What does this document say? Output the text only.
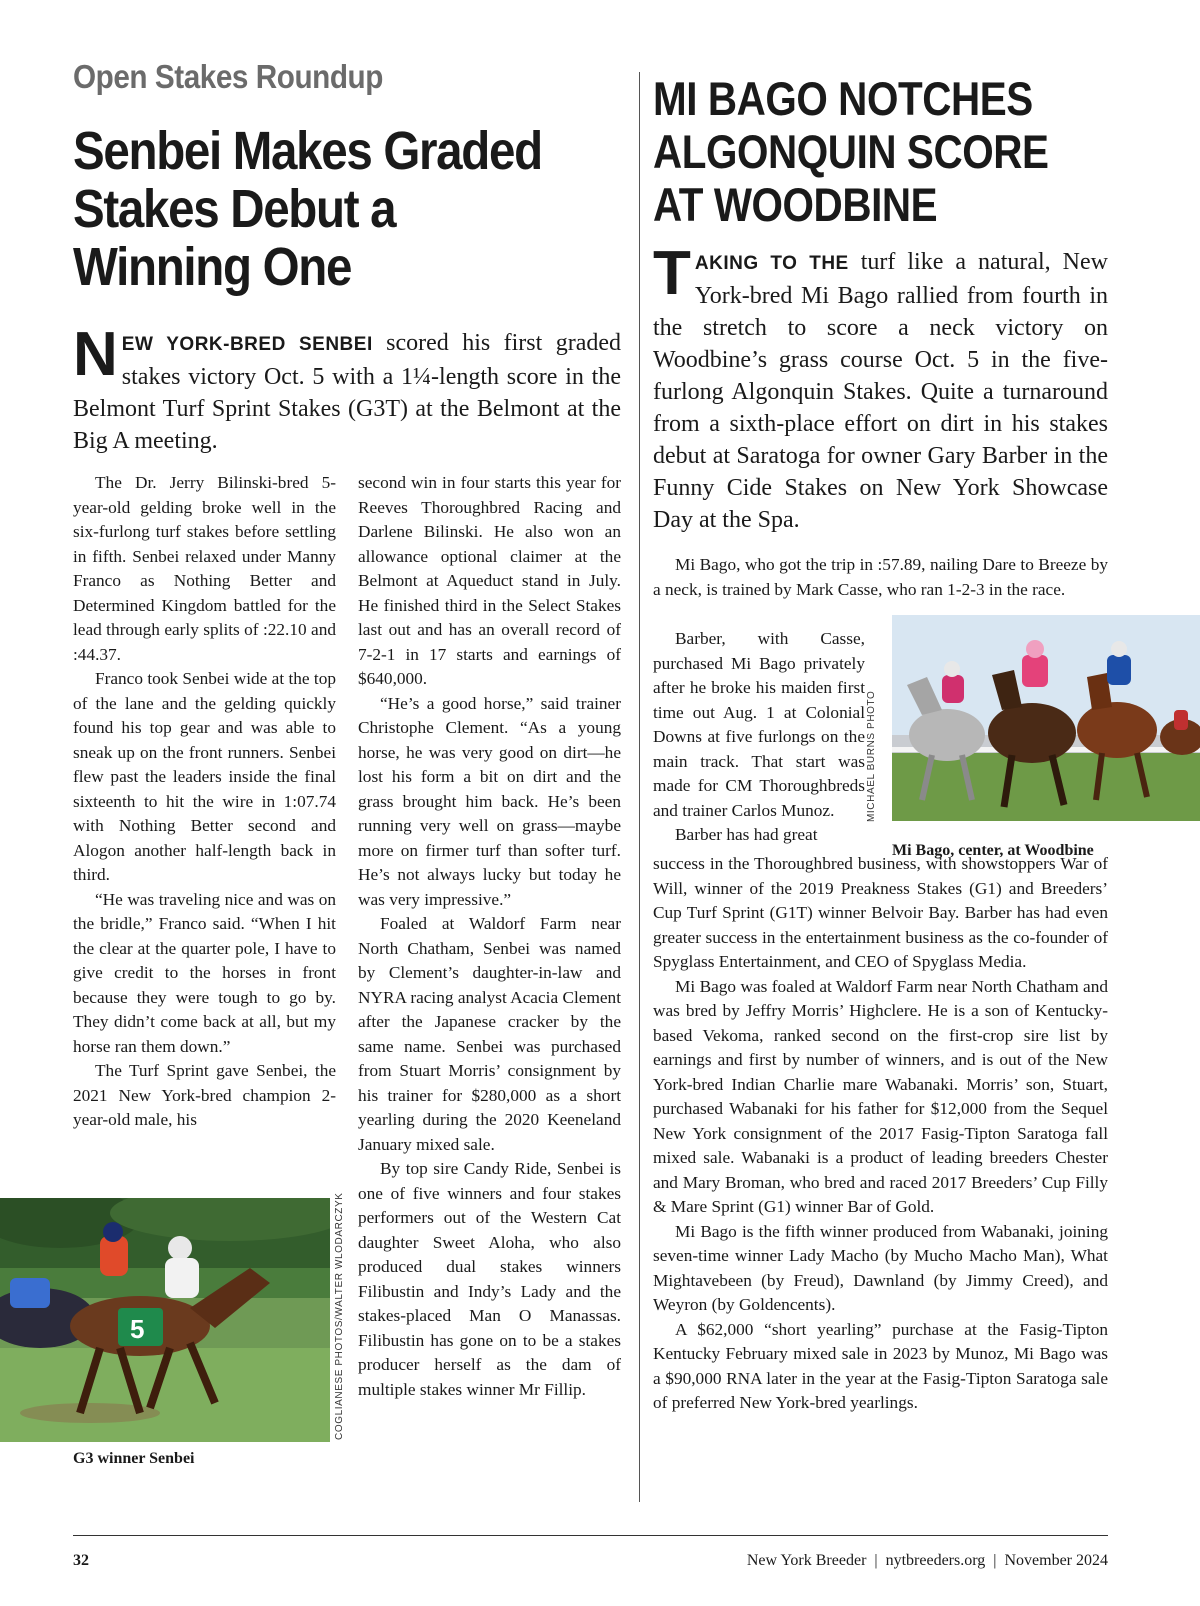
Open Stakes Roundup
Senbei Makes Graded Stakes Debut a Winning One
NEW YORK-BRED SENBEI scored his first graded stakes victory Oct. 5 with a 1¼-length score in the Belmont Turf Sprint Stakes (G3T) at the Belmont at the Big A meeting.

The Dr. Jerry Bilinski-bred 5-year-old gelding broke well in the six-furlong turf stakes before settling in fifth. Senbei relaxed under Manny Franco as Nothing Better and Determined Kingdom battled for the lead through early splits of :22.10 and :44.37.

Franco took Senbei wide at the top of the lane and the gelding quickly found his top gear and was able to sneak up on the front runners. Senbei flew past the leaders inside the final sixteenth to hit the wire in 1:07.74 with Nothing Better second and Alogon another half-length back in third.

“He was traveling nice and was on the bridle,” Franco said. “When I hit the clear at the quarter pole, I have to give credit to the horses in front because they were tough to go by. They didn’t come back at all, but my horse ran them down.”

The Turf Sprint gave Senbei, the 2021 New York-bred champion 2-year-old male, his

second win in four starts this year for Reeves Thoroughbred Racing and Darlene Bilinski. He also won an allowance optional claimer at the Belmont at Aqueduct stand in July. He finished third in the Select Stakes last out and has an overall record of 7-2-1 in 17 starts and earnings of $640,000.

“He’s a good horse,” said trainer Christophe Clement. “As a young horse, he was very good on dirt—he lost his form a bit on dirt and the grass brought him back. He’s been running very well on grass—maybe more on firmer turf than softer turf. He’s not always lucky but today he was very impressive.”

Foaled at Waldorf Farm near North Chatham, Senbei was named by Clement’s daughter-in-law and NYRA racing analyst Acacia Clement after the Japanese cracker by the same name. Senbei was purchased from Stuart Morris’ consignment by his trainer for $280,000 as a short yearling during the 2020 Keeneland January mixed sale.

By top sire Candy Ride, Senbei is one of five winners and four stakes performers out of the Western Cat daughter Sweet Aloha, who also produced dual stakes winners Filibustin and Indy’s Lady and the stakes-placed Man O Manassas. Filibustin has gone on to be a stakes producer herself as the dam of multiple stakes winner Mr Fillip.

5	COGLIANESE PHOTOS/WALTER WLODARCZYK
G3 winner Senbei
MI BAGO NOTCHES
ALGONQUIN SCORE
AT WOODBINE
TAKING TO THE turf like a natural, New York-bred Mi Bago rallied from fourth in the stretch to score a neck victory on Woodbine’s grass course Oct. 5 in the five-furlong Algonquin Stakes. Quite a turnaround from a sixth-place effort on dirt in his stakes debut at Saratoga for owner Gary Barber in the Funny Cide Stakes on New York Showcase Day at the Spa.

Mi Bago, who got the trip in :57.89, nailing Dare to Breeze by a neck, is trained by Mark Casse, who ran 1-2-3 in the race.

Barber, with Casse, purchased Mi Bago privately after he broke his maiden first time out Aug. 1 at Colonial Downs at five furlongs on the main track. That start was made for CM Thoroughbreds and trainer Carlos Munoz.

Barber has had great

success in the Thoroughbred business, with showstoppers War of Will, winner of the 2019 Preakness Stakes (G1) and Breeders’ Cup Turf Sprint (G1T) winner Belvoir Bay. Barber has had even greater success in the entertainment business as the co-founder of Spyglass Entertainment, and CEO of Spyglass Media.

Mi Bago was foaled at Waldorf Farm near North Chatham and was bred by Jeffry Morris’ Highclere. He is a son of Kentucky-based Vekoma, ranked second on the first-crop sire list by earnings and first by number of winners, and is out of the New York-bred Indian Charlie mare Wabanaki. Morris’ son, Stuart, purchased Wabanaki for his father for $12,000 from the Sequel New York consignment of the 2017 Fasig-Tipton Saratoga fall mixed sale. Wabanaki is a product of leading breeders Chester and Mary Broman, who bred and raced 2017 Breeders’ Cup Filly & Mare Sprint (G1) winner Bar of Gold.

Mi Bago is the fifth winner produced from Wabanaki, joining seven-time winner Lady Macho (by Mucho Macho Man), What Mightavebeen (by Freud), Dawnland (by Jimmy Creed), and Weyron (by Goldencents).

A $62,000 “short yearling” purchase at the Fasig-Tipton Kentucky February mixed sale in 2023 by Munoz, Mi Bago was a $90,000 RNA later in the year at the Fasig-Tipton Saratoga sale of preferred New York-bred yearlings.

MICHAEL BURNS PHOTO
Mi Bago, center, at Woodbine
32	New York Breeder | nytbreeders.org | November 2024
